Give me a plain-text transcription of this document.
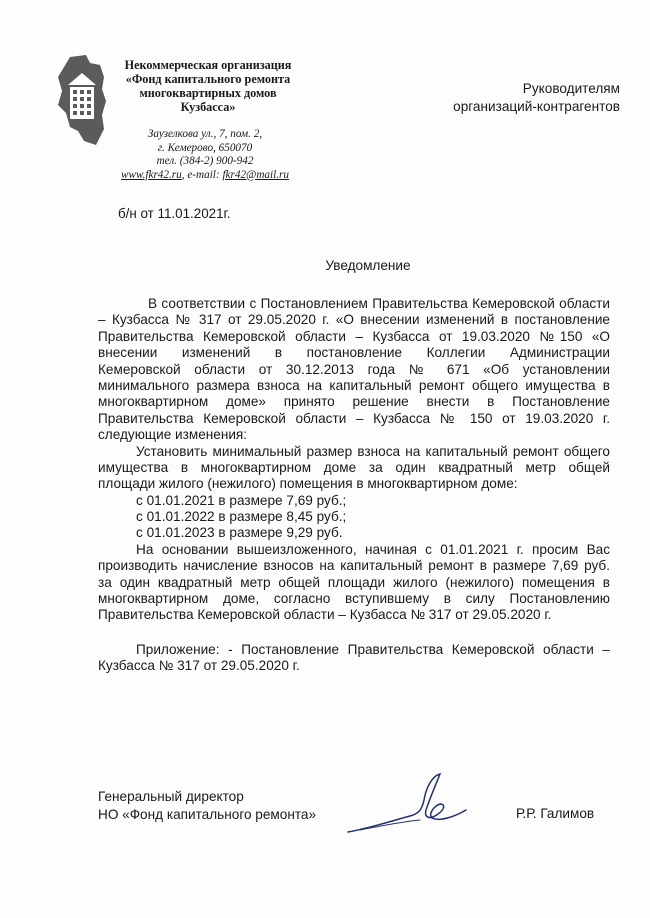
Некоммерческая организация
«Фонд капитального ремонта
многоквартирных домов
Кузбасса»
Заузелкова ул., 7, пом. 2,
г. Кемерово, 650070
тел. (384-2) 900-942
www.fkr42.ru, e-mail: fkr42@mail.ru
Руководителям
организаций-контрагентов
б/н от 11.01.2021г.
Уведомление
В соответствии с Постановлением Правительства Кемеровской области
– Кузбасса № 317 от 29.05.2020 г. «О внесении изменений в постановление
Правительства Кемеровской области – Кузбасса от 19.03.2020 №150 «О
внесении изменений в постановление Коллегии Администрации
Кемеровской области от 30.12.2013 года № 671 «Об установлении
минимального размера взноса на капитальный ремонт общего имущества в
многоквартирном доме» принято решение внести в Постановление
Правительства Кемеровской области – Кузбасса № 150 от 19.03.2020 г.
следующие изменения:
Установить минимальный размер взноса на капитальный ремонт общего
имущества в многоквартирном доме за один квадратный метр общей
площади жилого (нежилого) помещения в многоквартирном доме:
с 01.01.2021 в размере 7,69 руб.;
с 01.01.2022 в размере 8,45 руб.;
с 01.01.2023 в размере 9,29 руб.
На основании вышеизложенного, начиная с 01.01.2021 г. просим Вас
производить начисление взносов на капитальный ремонт в размере 7,69 руб.
за один квадратный метр общей площади жилого (нежилого) помещения в
многоквартирном доме, согласно вступившему в силу Постановлению
Правительства Кемеровской области – Кузбасса № 317 от 29.05.2020 г.
Приложение: - Постановление Правительства Кемеровской области –
Кузбасса № 317 от 29.05.2020 г.
Генеральный директор
НО «Фонд капитального ремонта»	Р.Р. Галимов
